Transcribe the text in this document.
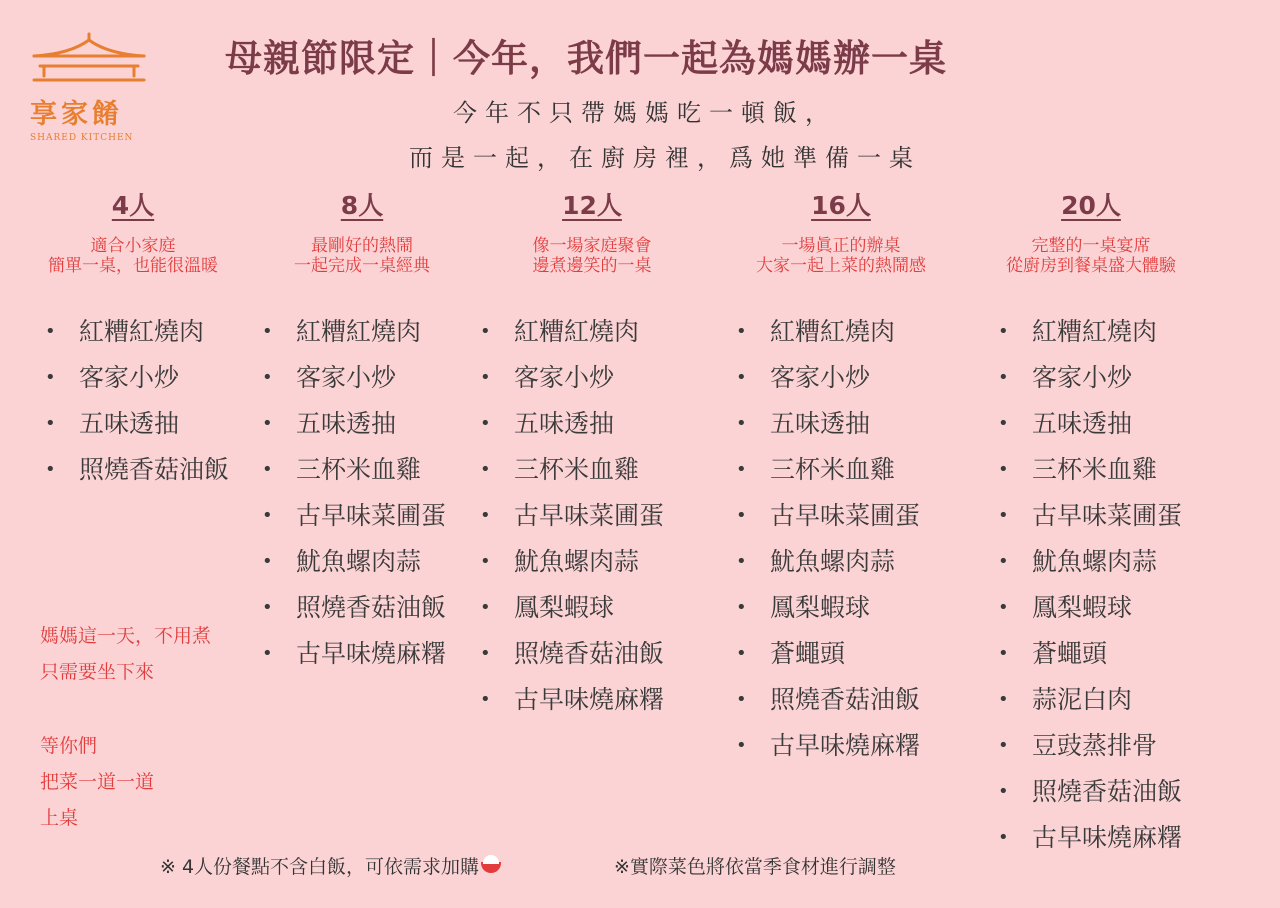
享家餚
SHARED KITCHEN
母親節限定｜今年，我們一起為媽媽辦一桌
今年不只帶媽媽吃一頓飯，
而是一起，在廚房裡，爲她準備一桌
4人
適合小家庭
簡單一桌，也能很溫暖
8人
最剛好的熱鬧
一起完成一桌經典
12人
像一場家庭聚會
邊煮邊笑的一桌
16人
一場眞正的辦桌
大家一起上菜的熱鬧感
20人
完整的一桌宴席
從廚房到餐桌盛大體驗
• 紅糟紅燒肉
• 客家小炒
• 五味透抽
• 照燒香菇油飯
• 紅糟紅燒肉
• 客家小炒
• 五味透抽
• 三杯米血雞
• 古早味菜圃蛋
• 魷魚螺肉蒜
• 照燒香菇油飯
• 古早味燒麻糬
• 紅糟紅燒肉
• 客家小炒
• 五味透抽
• 三杯米血雞
• 古早味菜圃蛋
• 魷魚螺肉蒜
• 鳳梨蝦球
• 照燒香菇油飯
• 古早味燒麻糬
• 紅糟紅燒肉
• 客家小炒
• 五味透抽
• 三杯米血雞
• 古早味菜圃蛋
• 魷魚螺肉蒜
• 鳳梨蝦球
• 蒼蠅頭
• 照燒香菇油飯
• 古早味燒麻糬
• 紅糟紅燒肉
• 客家小炒
• 五味透抽
• 三杯米血雞
• 古早味菜圃蛋
• 魷魚螺肉蒜
• 鳳梨蝦球
• 蒼蠅頭
• 蒜泥白肉
• 豆豉蒸排骨
• 照燒香菇油飯
• 古早味燒麻糬
媽媽這一天，不用煮
只需要坐下來
等你們
把菜一道一道
上桌
※ 4人份餐點不含白飯，可依需求加購	※實際菜色將依當季食材進行調整
